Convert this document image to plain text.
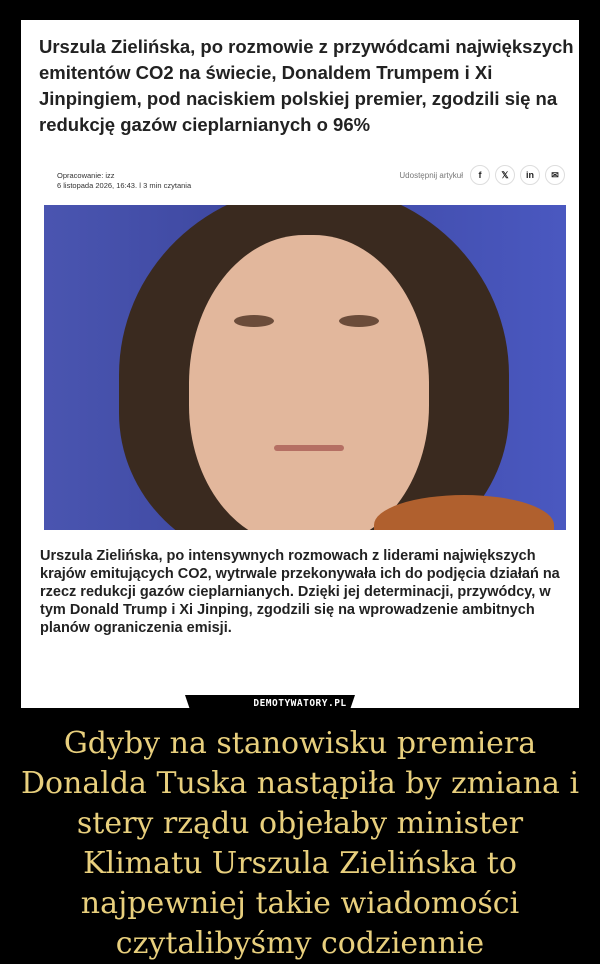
Urszula Zielińska, po rozmowie z przywódcami największych emitentów CO2 na świecie, Donaldem Trumpem i Xi Jinpingiem, pod naciskiem polskiej premier, zgodzili się na redukcję gazów cieplarnianych o 96%
Opracowanie: izz
6 listopada 2026, 16:43. ǀ 3 min czytania
Udostępnij artykuł	f	𝕏	in	✉
Urszula Zielińska, po intensywnych rozmowach z liderami największych krajów emitujących CO2, wytrwale przekonywała ich do podjęcia działań na rzecz redukcji gazów cieplarnianych. Dzięki jej determinacji, przywódcy, w tym Donald Trump i Xi Jinping, zgodzili się na wprowadzenie ambitnych planów ograniczenia emisji.
DEMOTYWATORY.PL
Gdyby na stanowisku premiera Donalda Tuska nastąpiła by zmiana i stery rządu objełaby minister Klimatu Urszula Zielińska to najpewniej takie wiadomości czytalibyśmy codziennie
